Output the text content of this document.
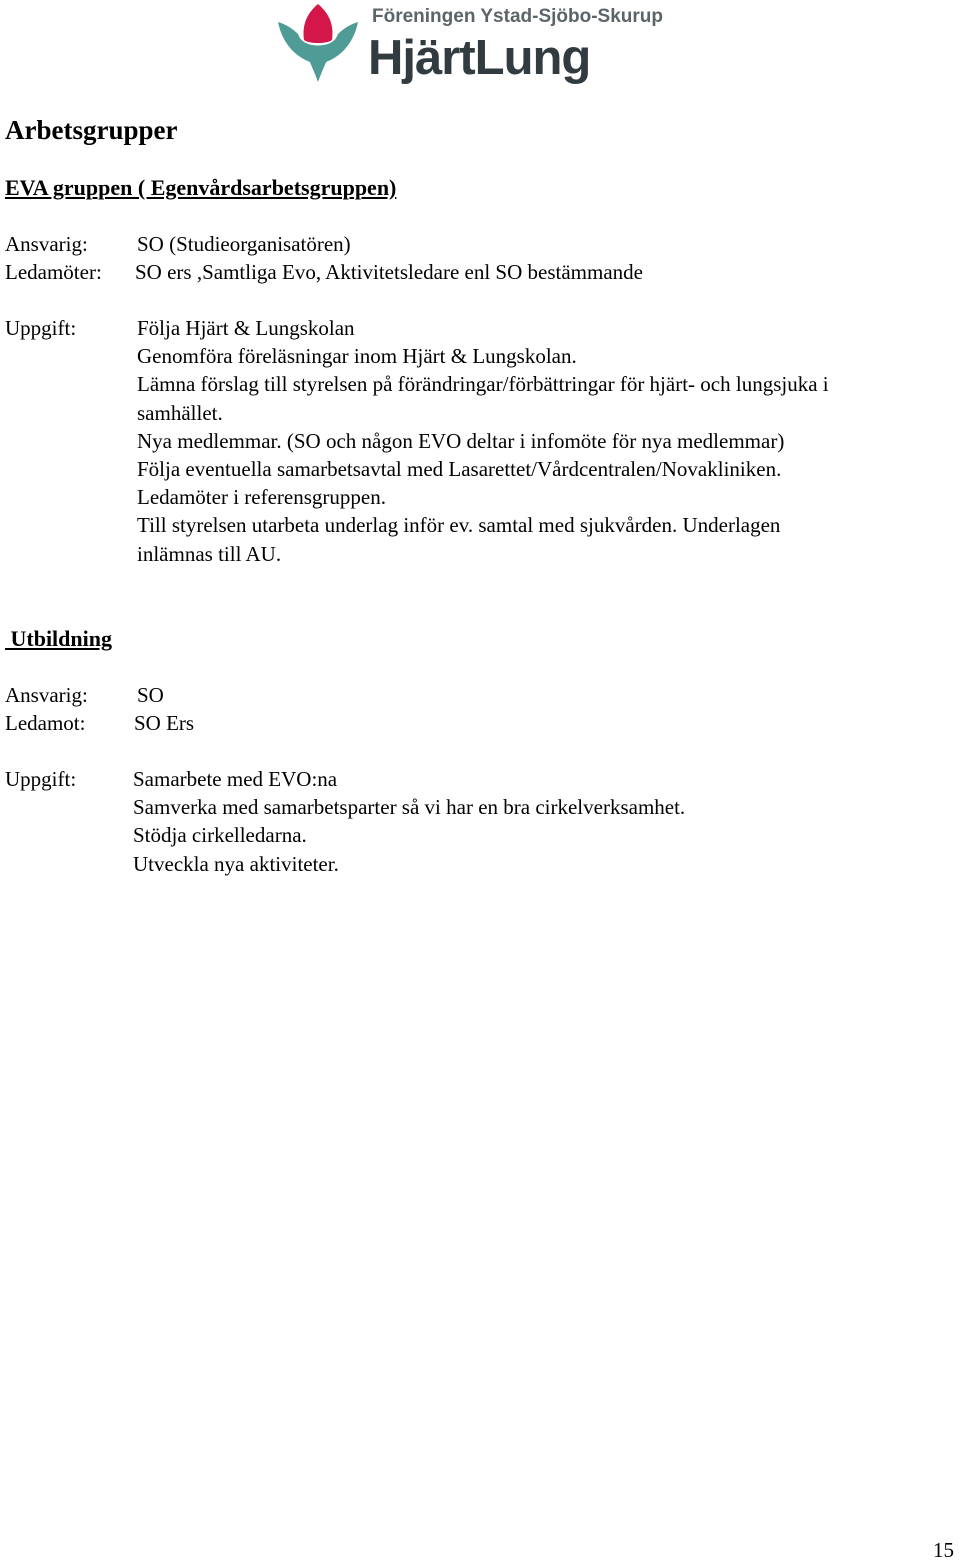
Föreningen Ystad-Sjöbo-Skurup
HjärtLung
Arbetsgrupper
EVA gruppen ( Egenvårdsarbetsgruppen)
Ansvarig: SO (Studieorganisatören)
Ledamöter: SO ers ,Samtliga Evo, Aktivitetsledare enl SO bestämmande
Uppgift:	Följa Hjärt & Lungskolan
Genomföra föreläsningar inom Hjärt & Lungskolan.
Lämna förslag till styrelsen på förändringar/förbättringar för hjärt- och lungsjuka i
samhället.
Nya medlemmar. (SO och någon EVO deltar i infomöte för nya medlemmar)
Följa eventuella samarbetsavtal med Lasarettet/Vårdcentralen/Novakliniken.
Ledamöter i referensgruppen.
Till styrelsen utarbeta underlag inför ev. samtal med sjukvården. Underlagen
inlämnas till AU.
Utbildning
Ansvarig: SO
Ledamot: SO Ers
Uppgift:	Samarbete med EVO:na
Samverka med samarbetsparter så vi har en bra cirkelverksamhet.
Stödja cirkelledarna.
Utveckla nya aktiviteter.
15
